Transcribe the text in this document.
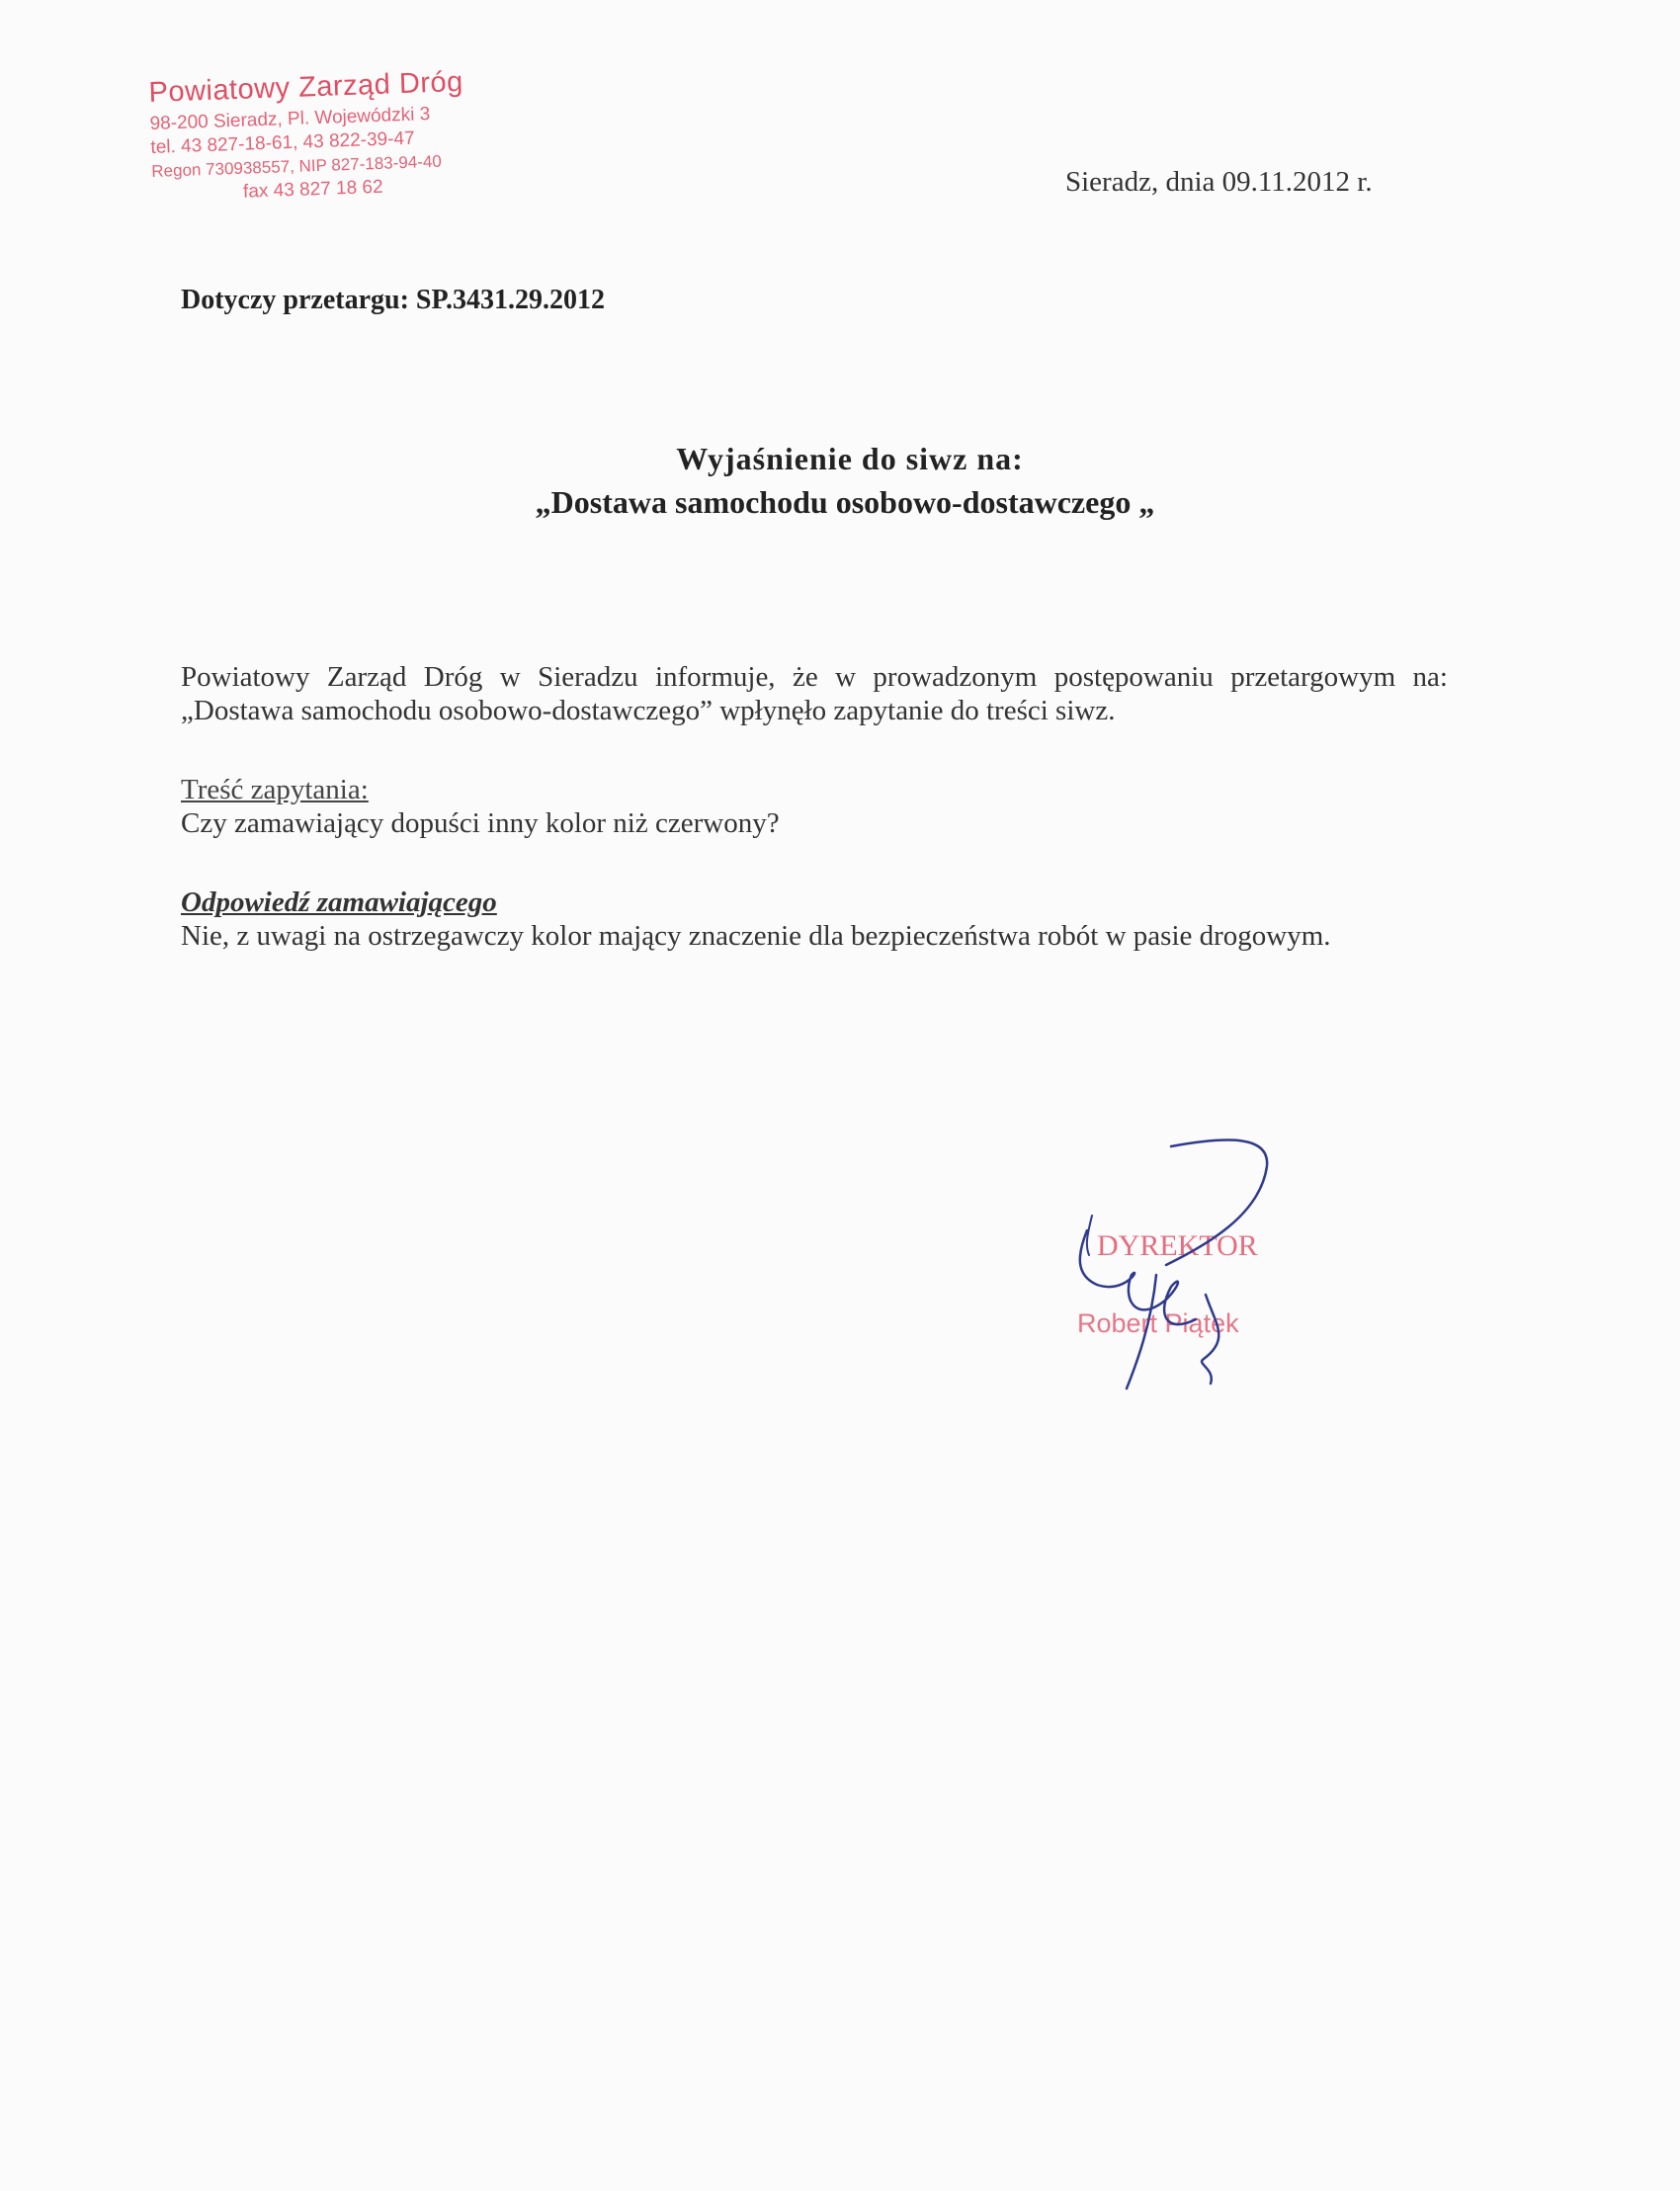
Powiatowy Zarząd Dróg
98-200 Sieradz, Pl. Wojewódzki 3
tel. 43 827-18-61, 43 822-39-47
Regon 730938557, NIP 827-183-94-40
fax 43 827 18 62	Sieradz, dnia 09.11.2012 r.
Dotyczy przetargu: SP.3431.29.2012
Wyjaśnienie do siwz na:
„Dostawa samochodu osobowo-dostawczego „
Powiatowy Zarząd Dróg w Sieradzu informuje, że w prowadzonym postępowaniu przetargowym na: „Dostawa samochodu osobowo-dostawczego” wpłynęło zapytanie do treści siwz.
Treść zapytania:
Czy zamawiający dopuści inny kolor niż czerwony?
Odpowiedź zamawiającego
Nie, z uwagi na ostrzegawczy kolor mający znaczenie dla bezpieczeństwa robót w pasie drogowym.
DYREKTOR
Robert Piątek
